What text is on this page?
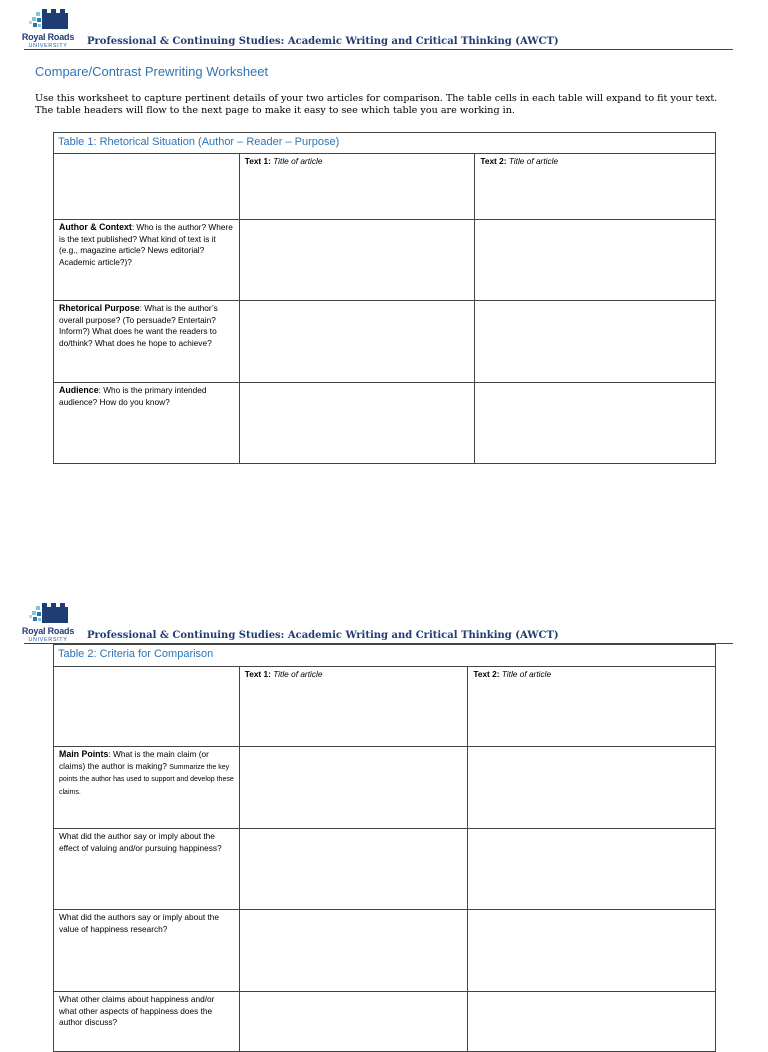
Royal Roads
UNIVERSITY	Professional & Continuing Studies: Academic Writing and Critical Thinking (AWCT)
Compare/Contrast Prewriting Worksheet
Use this worksheet to capture pertinent details of your two articles for comparison. The table cells in each table will expand to fit your text. The table headers will flow to the next page to make it easy to see which table you are working in.
Table 1: Rhetorical Situation (Author – Reader – Purpose)		
	Text 1: Title of article	Text 2: Title of article
Author & Context: Who is the author? Where is the text published? What kind of text is it (e.g., magazine article? News editorial? Academic article?)?		
Rhetorical Purpose: What is the author’s overall purpose? (To persuade? Entertain? Inform?) What does he want the readers to do/think? What does he hope to achieve?		
Audience: Who is the primary intended audience? How do you know?		
Royal Roads
UNIVERSITY	Professional & Continuing Studies: Academic Writing and Critical Thinking (AWCT)
Table 2: Criteria for Comparison		
	Text 1: Title of article	Text 2: Title of article
Main Points: What is the main claim (or claims) the author is making? Summarize the key points the author has used to support and develop these claims.		
What did the author say or imply about the effect of valuing and/or pursuing happiness?		
What did the authors say or imply about the value of happiness research?		
What other claims about happiness and/or what other aspects of happiness does the author discuss?		
